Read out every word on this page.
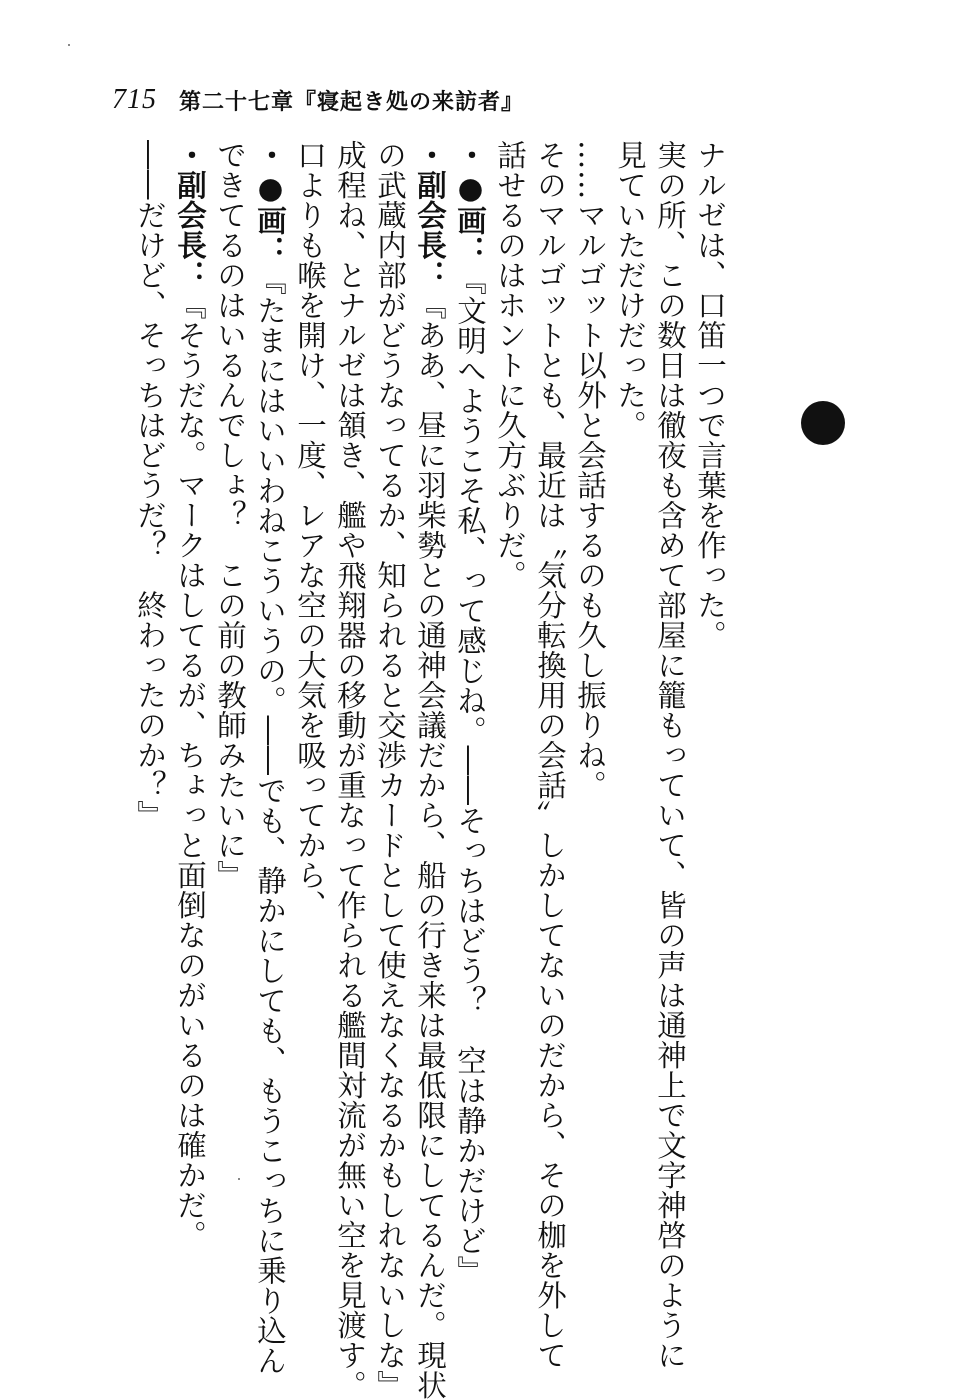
715 第二十七章『寝起き処の来訪者』
ナルゼは、口笛一つで言葉を作った。
実の所、この数日は徹夜も含めて部屋に籠もっていて、皆の声は通神上で文字神啓のように
見ていただけだった。
……マルゴット以外と会話するのも久し振りね。
そのマルゴットとも、最近は〝気分転換用の会話〟しかしてないのだから、その枷を外して
話せるのはホントに久方ぶりだ。
・●画：『文明へようこそ私、って感じね。――そっちはどう？　空は静かだけど』
・副会長：『ああ、昼に羽柴勢との通神会議だから、船の行き来は最低限にしてるんだ。現状
の武蔵内部がどうなってるか、知られると交渉カードとして使えなくなるかもしれないしな』
成程ね、とナルゼは頷き、艦や飛翔器の移動が重なって作られる艦間対流が無い空を見渡す。
口よりも喉を開け、一度、レアな空の大気を吸ってから、
・●画：『たまにはいいわねこういうの。――でも、静かにしても、もうこっちに乗り込ん
できてるのはいるんでしょ？　この前の教師みたいに』
・副会長：『そうだな。マークはしてるが、ちょっと面倒なのがいるのは確かだ。
――だけど、そっちはどうだ？　終わったのか？』
